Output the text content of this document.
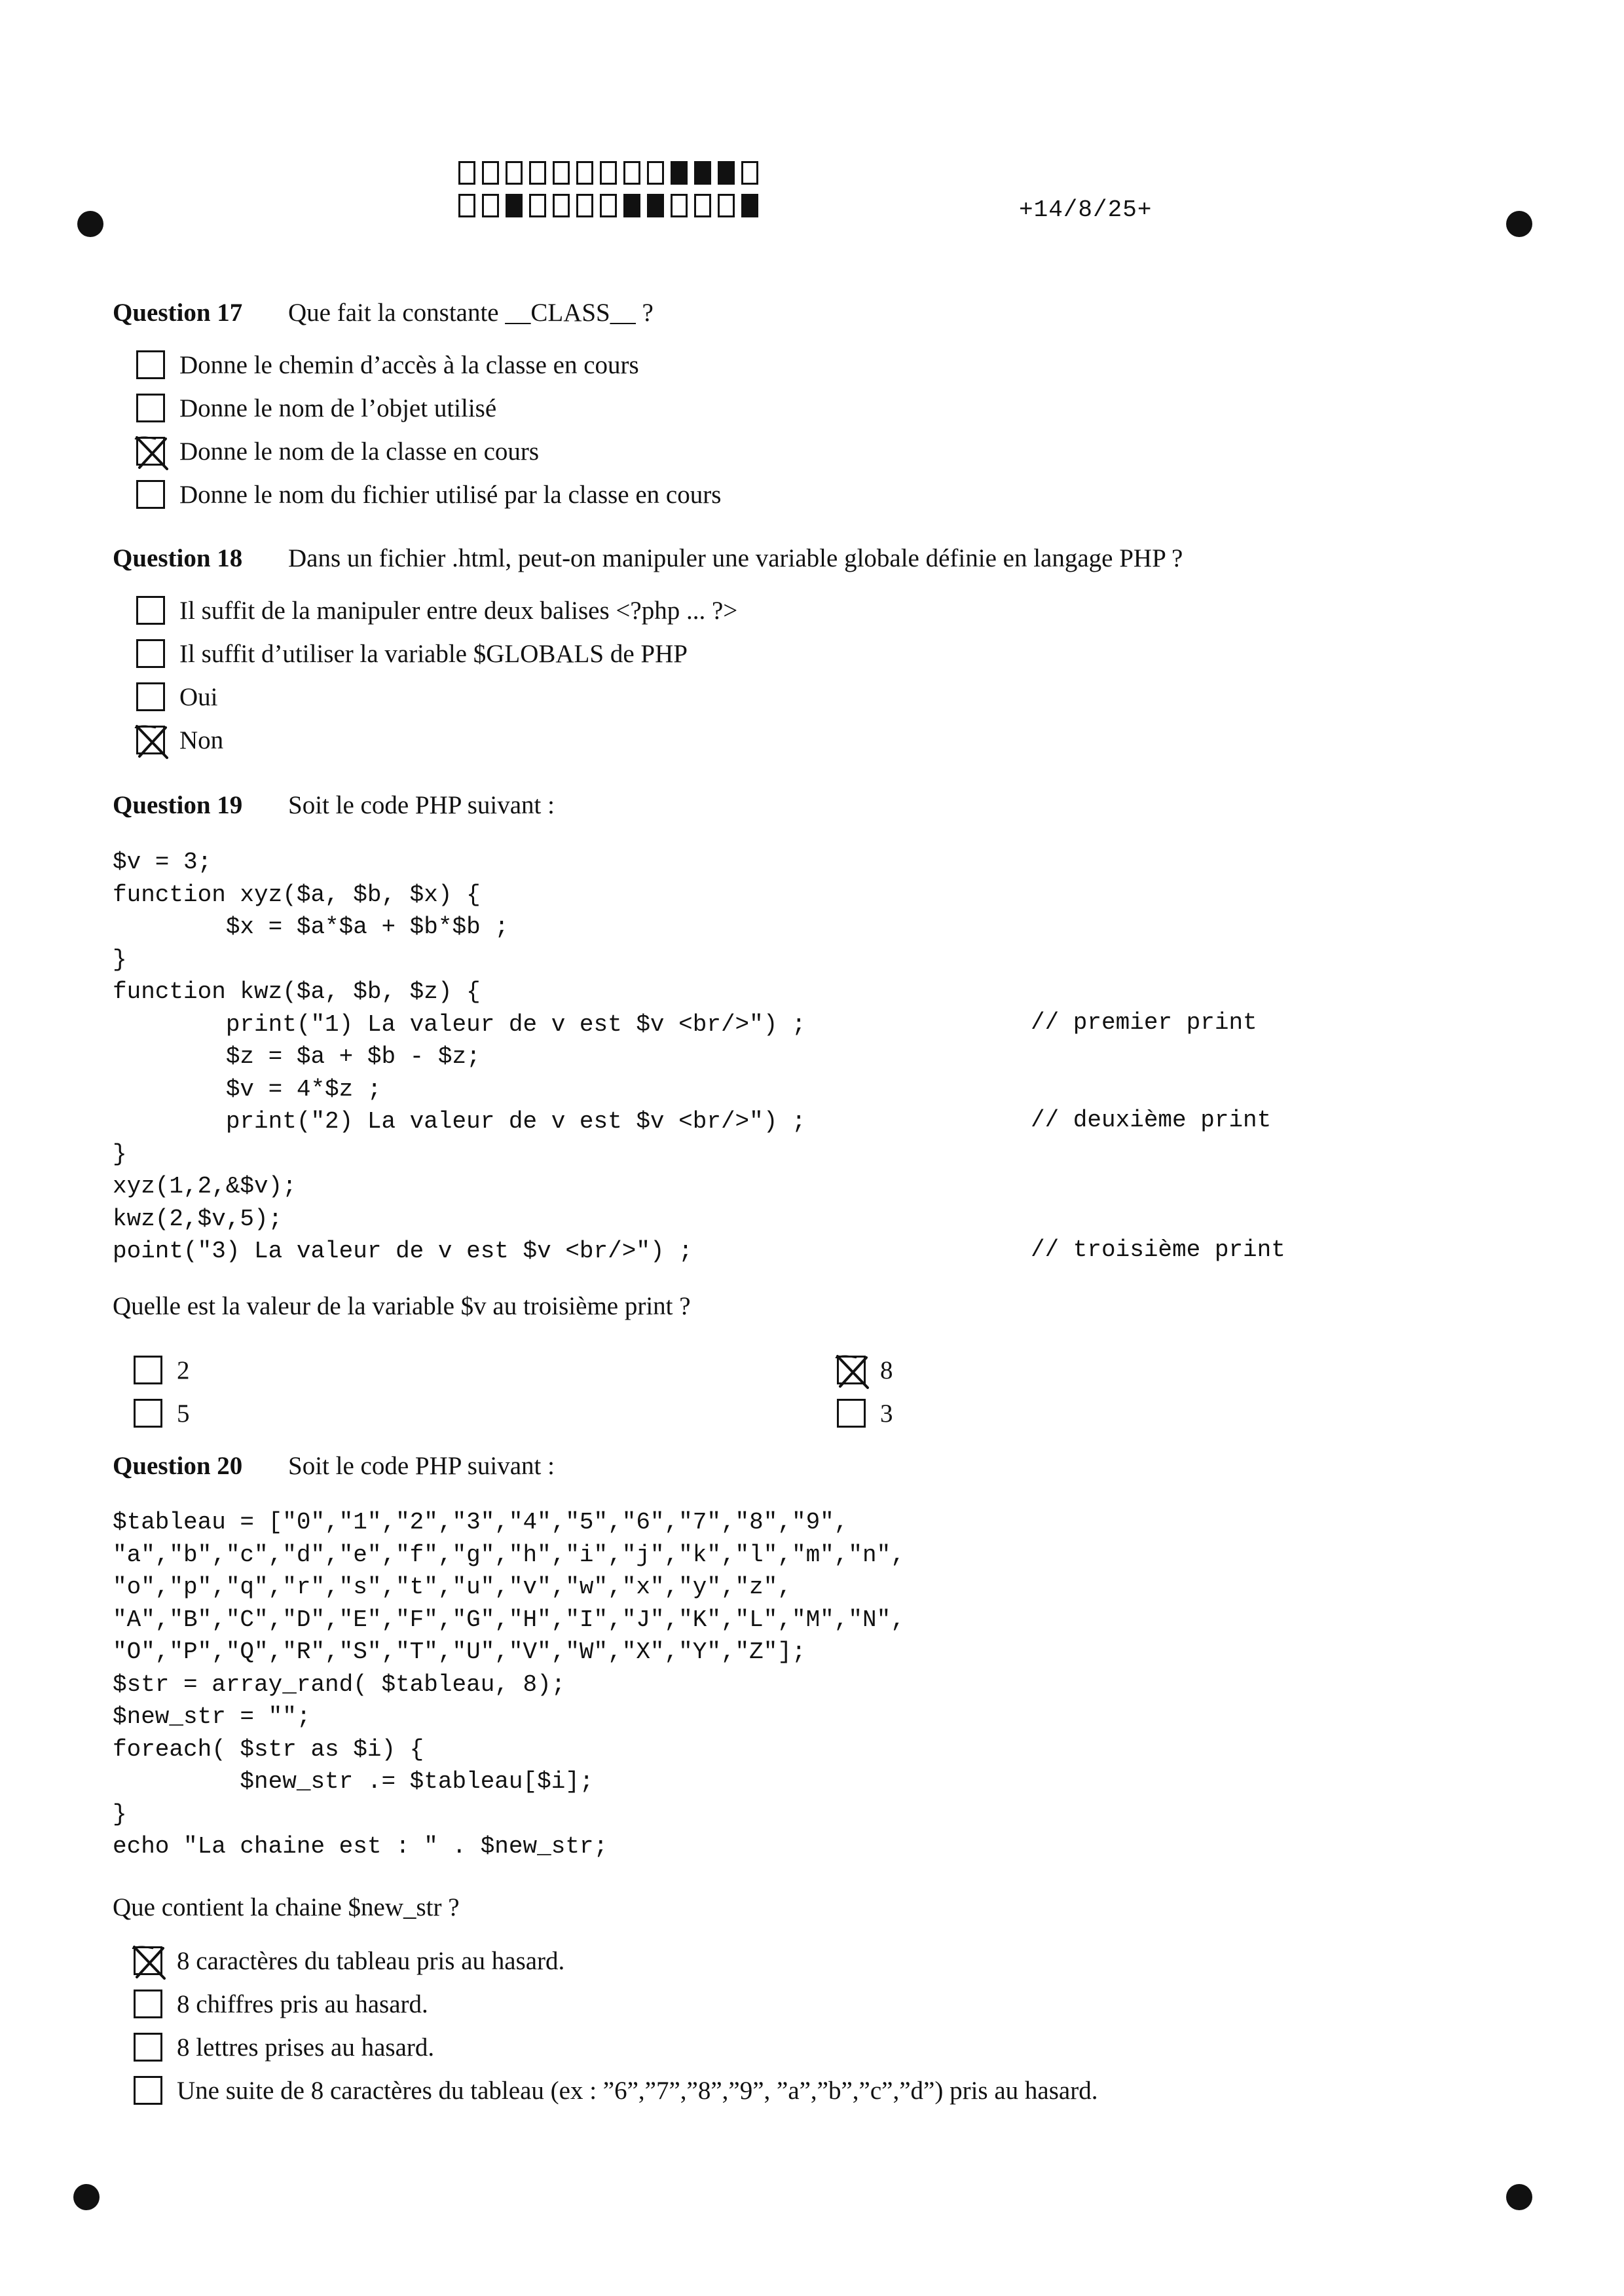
+14/8/25+
Question 17 Que fait la constante __CLASS__ ?
Donne le chemin d’accès à la classe en cours
Donne le nom de l’objet utilisé
Donne le nom de la classe en cours
Donne le nom du fichier utilisé par la classe en cours
Question 18 Dans un fichier .html, peut-on manipuler une variable globale définie en langage PHP ?
Il suffit de la manipuler entre deux balises <?php ... ?>
Il suffit d’utiliser la variable $GLOBALS de PHP
Oui
Non
Question 19 Soit le code PHP suivant :
$v = 3;
function xyz($a, $b, $x) {
$x = $a*$a + $b*$b ;
}
function kwz($a, $b, $z) {
print("1) La valeur de v est $v <br/>") ;
$z = $a + $b - $z;
$v = 4*$z ;
print("2) La valeur de v est $v <br/>") ;
}
xyz(1,2,&$v);
kwz(2,$v,5);
point("3) La valeur de v est $v <br/>") ;
// premier print
// deuxième print
// troisième print
Quelle est la valeur de la variable $v au troisième print ?
2
5
8
3
Question 20 Soit le code PHP suivant :
$tableau = ["0","1","2","3","4","5","6","7","8","9",
"a","b","c","d","e","f","g","h","i","j","k","l","m","n",
"o","p","q","r","s","t","u","v","w","x","y","z",
"A","B","C","D","E","F","G","H","I","J","K","L","M","N",
"O","P","Q","R","S","T","U","V","W","X","Y","Z"];
$str = array_rand( $tableau, 8);
$new_str = "";
foreach( $str as $i) {
$new_str .= $tableau[$i];
}
echo "La chaine est : " . $new_str;
Que contient la chaine $new_str ?
8 caractères du tableau pris au hasard.
8 chiffres pris au hasard.
8 lettres prises au hasard.
Une suite de 8 caractères du tableau (ex : ”6”,”7”,”8”,”9”, ”a”,”b”,”c”,”d”) pris au hasard.
